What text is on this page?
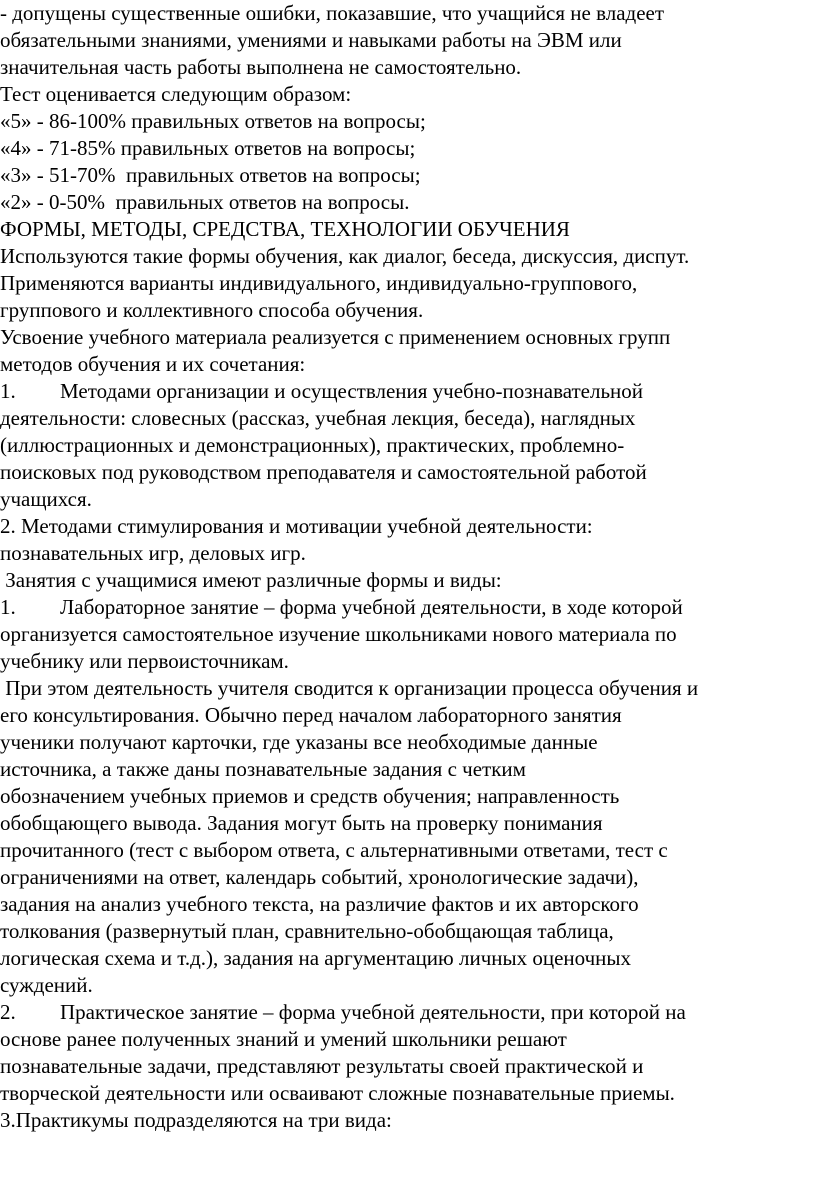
- допущены существенные ошибки, показавшие, что учащийся не владеет
обязательными знаниями, умениями и навыками работы на ЭВМ или
значительная часть работы выполнена не самостоятельно.
Тест оценивается следующим образом:
«5» - 86-100% правильных ответов на вопросы;
«4» - 71-85% правильных ответов на вопросы;
«3» - 51-70%  правильных ответов на вопросы;
«2» - 0-50%  правильных ответов на вопросы.
ФОРМЫ, МЕТОДЫ, СРЕДСТВА, ТЕХНОЛОГИИ ОБУЧЕНИЯ
Используются такие формы обучения, как диалог, беседа, дискуссия, диспут.
Применяются варианты индивидуального, индивидуально-группового,
группового и коллективного способа обучения.
Усвоение учебного материала реализуется с применением основных групп
методов обучения и их сочетания:
1. Методами организации и осуществления учебно-познавательной
деятельности: словесных (рассказ, учебная лекция, беседа), наглядных
(иллюстрационных и демонстрационных), практических, проблемно-
поисковых под руководством преподавателя и самостоятельной работой
учащихся.
2. Методами стимулирования и мотивации учебной деятельности:
познавательных игр, деловых игр.
Занятия с учащимися имеют различные формы и виды:
1. Лабораторное занятие – форма учебной деятельности, в ходе которой
организуется самостоятельное изучение школьниками нового материала по
учебнику или первоисточникам.
При этом деятельность учителя сводится к организации процесса обучения и
его консультирования. Обычно перед началом лабораторного занятия
ученики получают карточки, где указаны все необходимые данные
источника, а также даны познавательные задания с четким
обозначением учебных приемов и средств обучения; направленность
обобщающего вывода. Задания могут быть на проверку понимания
прочитанного (тест с выбором ответа, с альтернативными ответами, тест с
ограничениями на ответ, календарь событий, хронологические задачи),
задания на анализ учебного текста, на различие фактов и их авторского
толкования (развернутый план, сравнительно-обобщающая таблица,
логическая схема и т.д.), задания на аргументацию личных оценочных
суждений.
2. Практическое занятие – форма учебной деятельности, при которой на
основе ранее полученных знаний и умений школьники решают
познавательные задачи, представляют результаты своей практической и
творческой деятельности или осваивают сложные познавательные приемы.
3.Практикумы подразделяются на три вида:
